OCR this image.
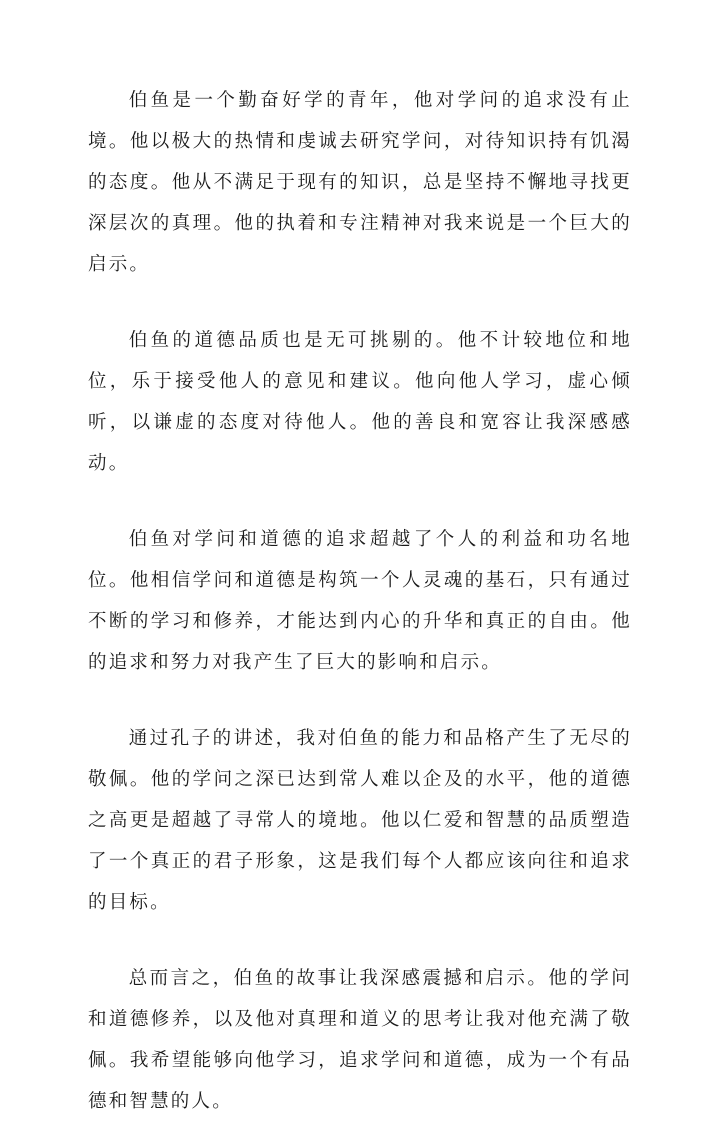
伯鱼是一个勤奋好学的青年，他对学问的追求没有止境。他以极大的热情和虔诚去研究学问，对待知识持有饥渴的态度。他从不满足于现有的知识，总是坚持不懈地寻找更深层次的真理。他的执着和专注精神对我来说是一个巨大的启示。

伯鱼的道德品质也是无可挑剔的。他不计较地位和地位，乐于接受他人的意见和建议。他向他人学习，虚心倾听，以谦虚的态度对待他人。他的善良和宽容让我深感感动。

伯鱼对学问和道德的追求超越了个人的利益和功名地位。他相信学问和道德是构筑一个人灵魂的基石，只有通过不断的学习和修养，才能达到内心的升华和真正的自由。他的追求和努力对我产生了巨大的影响和启示。

通过孔子的讲述，我对伯鱼的能力和品格产生了无尽的敬佩。他的学问之深已达到常人难以企及的水平，他的道德之高更是超越了寻常人的境地。他以仁爱和智慧的品质塑造了一个真正的君子形象，这是我们每个人都应该向往和追求的目标。

总而言之，伯鱼的故事让我深感震撼和启示。他的学问和道德修养，以及他对真理和道义的思考让我对他充满了敬佩。我希望能够向他学习，追求学问和道德，成为一个有品德和智慧的人。
